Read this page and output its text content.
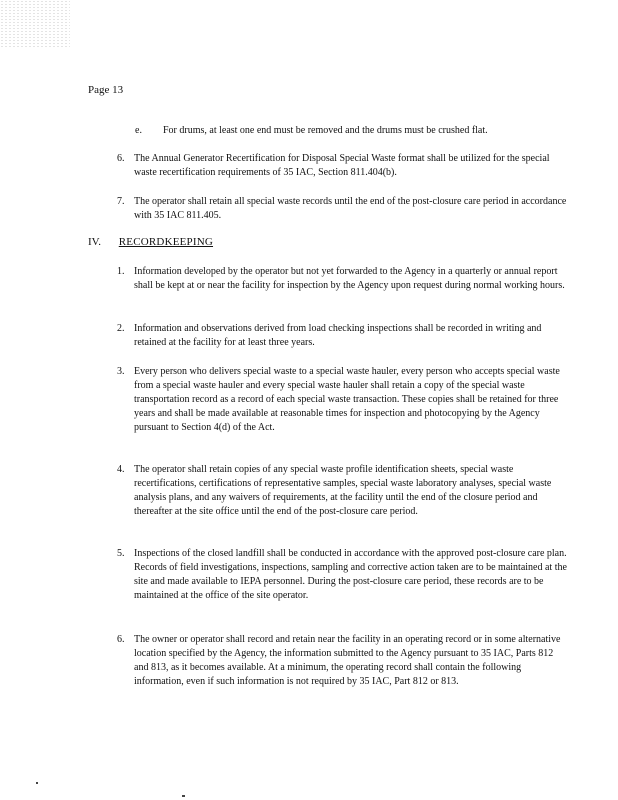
Page 13
e.	For drums, at least one end must be removed and the drums must be crushed flat.
6. The Annual Generator Recertification for Disposal Special Waste format shall be utilized for the special waste recertification requirements of 35 IAC, Section 811.404(b).
7. The operator shall retain all special waste records until the end of the post-closure care period in accordance with 35 IAC 811.405.
IV. RECORDKEEPING
1. Information developed by the operator but not yet forwarded to the Agency in a quarterly or annual report shall be kept at or near the facility for inspection by the Agency upon request during normal working hours.
2. Information and observations derived from load checking inspections shall be recorded in writing and retained at the facility for at least three years.
3. Every person who delivers special waste to a special waste hauler, every person who accepts special waste from a special waste hauler and every special waste hauler shall retain a copy of the special waste transportation record as a record of each special waste transaction. These copies shall be retained for three years and shall be made available at reasonable times for inspection and photocopying by the Agency pursuant to Section 4(d) of the Act.
4. The operator shall retain copies of any special waste profile identification sheets, special waste recertifications, certifications of representative samples, special waste laboratory analyses, special waste analysis plans, and any waivers of requirements, at the facility until the end of the closure period and thereafter at the site office until the end of the post-closure care period.
5. Inspections of the closed landfill shall be conducted in accordance with the approved post-closure care plan. Records of field investigations, inspections, sampling and corrective action taken are to be maintained at the site and made available to IEPA personnel. During the post-closure care period, these records are to be maintained at the office of the site operator.
6. The owner or operator shall record and retain near the facility in an operating record or in some alternative location specified by the Agency, the information submitted to the Agency pursuant to 35 IAC, Parts 812 and 813, as it becomes available. At a minimum, the operating record shall contain the following information, even if such information is not required by 35 IAC, Part 812 or 813.
